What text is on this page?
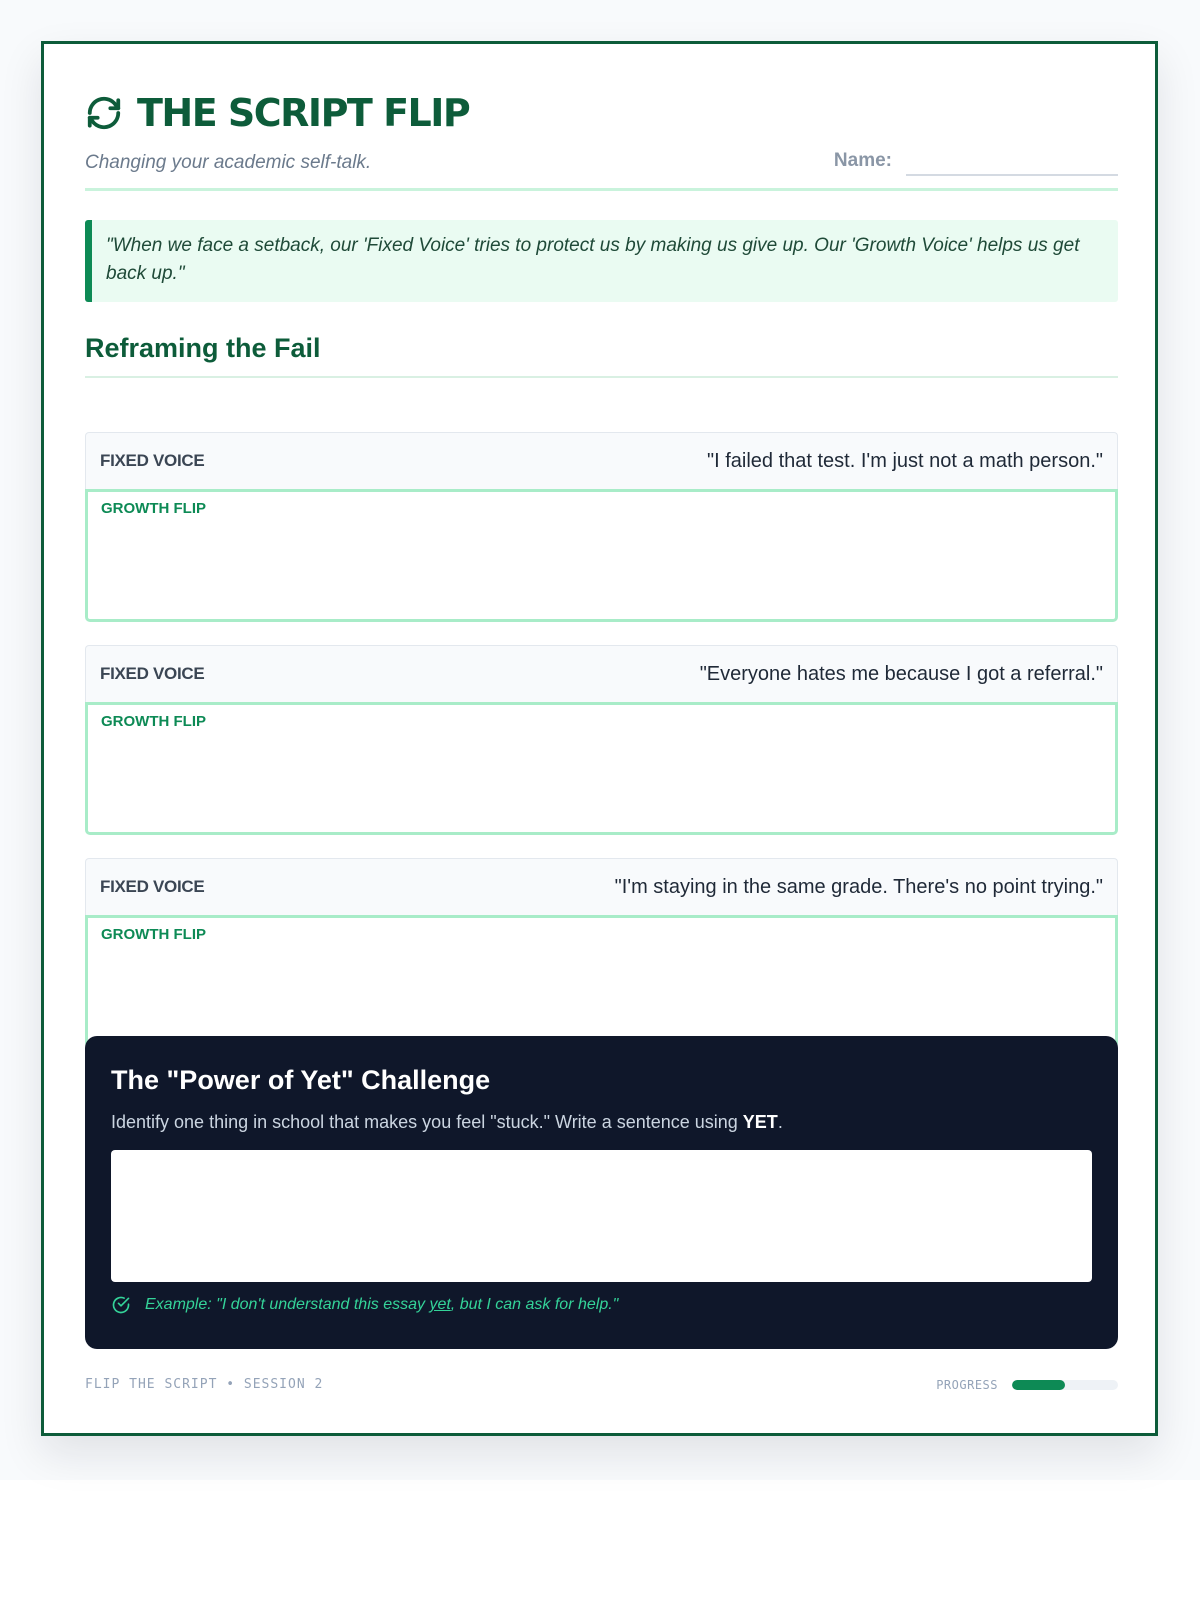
THE SCRIPT FLIP
Changing your academic self-talk.	Name:
"When we face a setback, our 'Fixed Voice' tries to protect us by making us give up. Our 'Growth Voice' helps us get back up."
Reframing the Fail
FIXED VOICE	"I failed that test. I'm just not a math person."
GROWTH FLIP
FIXED VOICE	"Everyone hates me because I got a referral."
GROWTH FLIP
FIXED VOICE	"I'm staying in the same grade. There's no point trying."
GROWTH FLIP
The "Power of Yet" Challenge
Identify one thing in school that makes you feel "stuck." Write a sentence using YET.
Example: "I don't understand this essay yet, but I can ask for help."
FLIP THE SCRIPT • SESSION 2	PROGRESS
